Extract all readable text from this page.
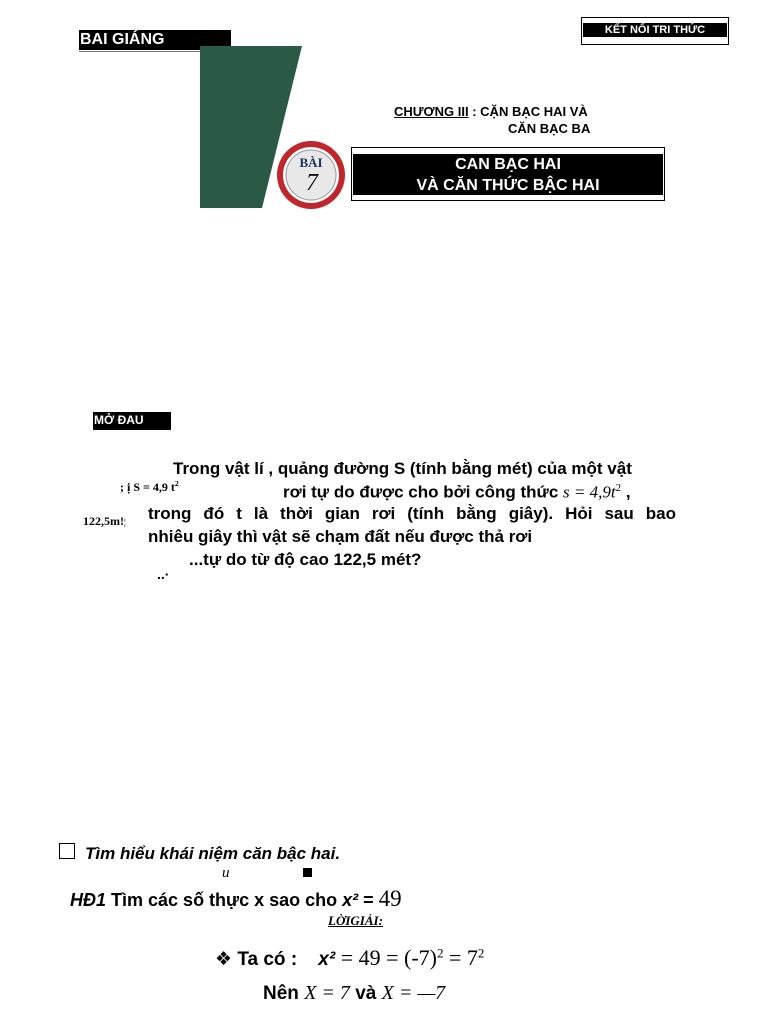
BAI GIÁNG
KẾT NỐI TRI THỨC
BÀI
7
CHƯƠNG III : CẶN BẠC HAI VÀ
CĂN BẠC BA
CAN BẠC HAI
VÀ CĂN THỨC BẬC HAI
MỞ ĐAU
; ị S = 4,9 $t^2$
122,5m!¦
Trong vật lí , quảng đường S (tính bằng mét) của một vật
rơi tự do được cho bởi công thức $s = 4,9t^2$ ,
trong đó t là thời gian rơi (tính bằng giây). Hỏi sau bao
nhiêu giây thì vật sẽ chạm đất nếu được thả rơi
...tự do từ độ cao 122,5 mét?
..·
Tìm hiểu khái niệm căn bậc hai.
u
HĐ1 Tìm các số thực x sao cho x² = 49
LỜIGIẢI:
❖ Ta có : $x^2 = 49 = (-7)^2 = 7^2$
Nên X = 7 và X = —7
